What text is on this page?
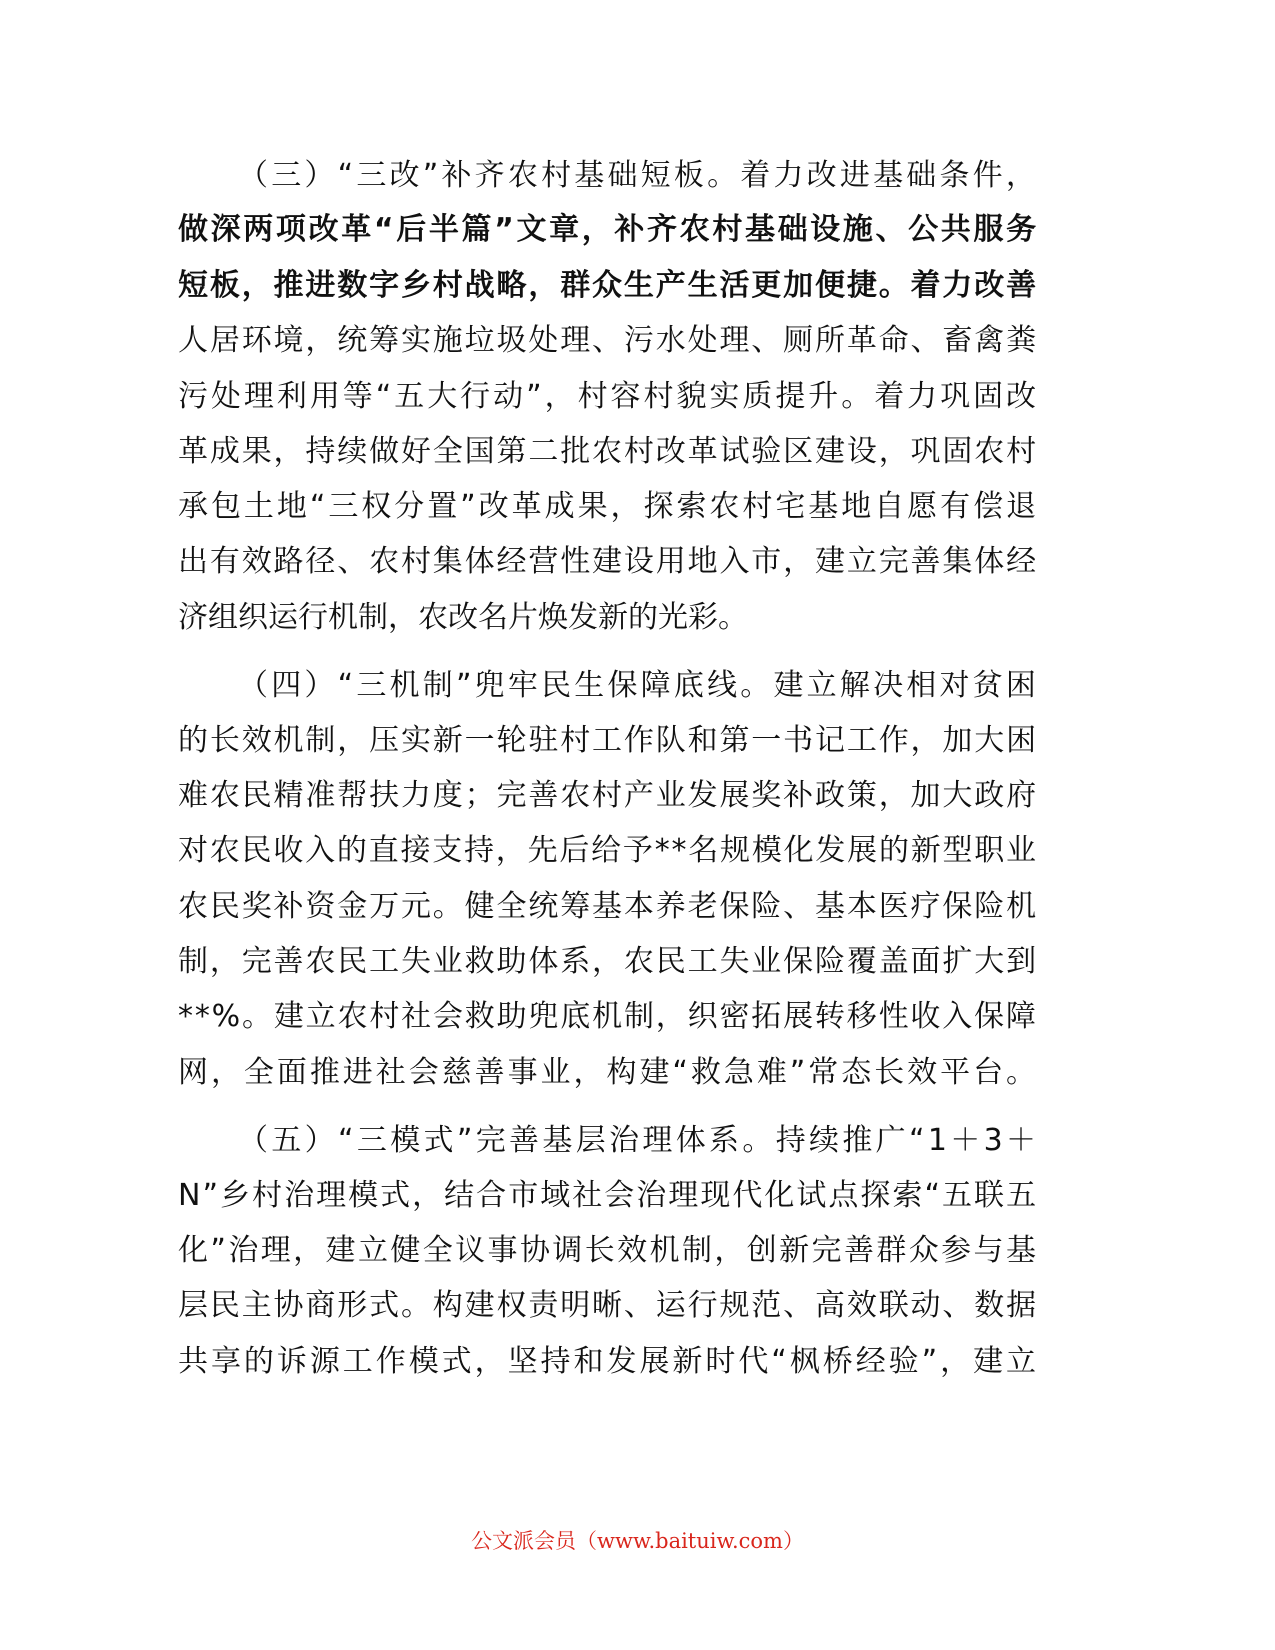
（三）“三改”补齐农村基础短板。着力改进基础条件，
做深两项改革“后半篇”文章，补齐农村基础设施、公共服务
短板，推进数字乡村战略，群众生产生活更加便捷。着力改善
人居环境，统筹实施垃圾处理、污水处理、厕所革命、畜禽粪
污处理利用等“五大行动”，村容村貌实质提升。着力巩固改
革成果，持续做好全国第二批农村改革试验区建设，巩固农村
承包土地“三权分置”改革成果，探索农村宅基地自愿有偿退
出有效路径、农村集体经营性建设用地入市，建立完善集体经
济组织运行机制，农改名片焕发新的光彩。
（四）“三机制”兜牢民生保障底线。建立解决相对贫困
的长效机制，压实新一轮驻村工作队和第一书记工作，加大困
难农民精准帮扶力度；完善农村产业发展奖补政策，加大政府
对农民收入的直接支持，先后给予**名规模化发展的新型职业
农民奖补资金万元。健全统筹基本养老保险、基本医疗保险机
制，完善农民工失业救助体系，农民工失业保险覆盖面扩大到
**%。建立农村社会救助兜底机制，织密拓展转移性收入保障
网，全面推进社会慈善事业，构建“救急难”常态长效平台。
（五）“三模式”完善基层治理体系。持续推广“1＋3＋
N”乡村治理模式，结合市域社会治理现代化试点探索“五联五
化”治理，建立健全议事协调长效机制，创新完善群众参与基
层民主协商形式。构建权责明晰、运行规范、高效联动、数据
共享的诉源工作模式，坚持和发展新时代“枫桥经验”，建立
公文派会员（www.baituiw.com）
